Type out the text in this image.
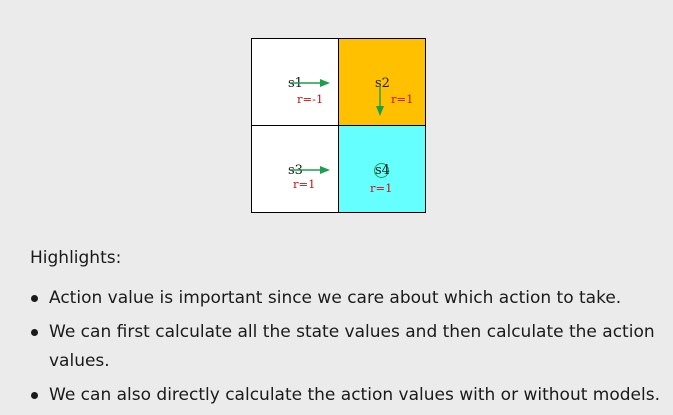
s1
r=-1
s2
r=1
s3
r=1
s4
r=1

Highlights:

Action value is important since we care about which action to take.
We can first calculate all the state values and then calculate the action values.
We can also directly calculate the action values with or without models.
